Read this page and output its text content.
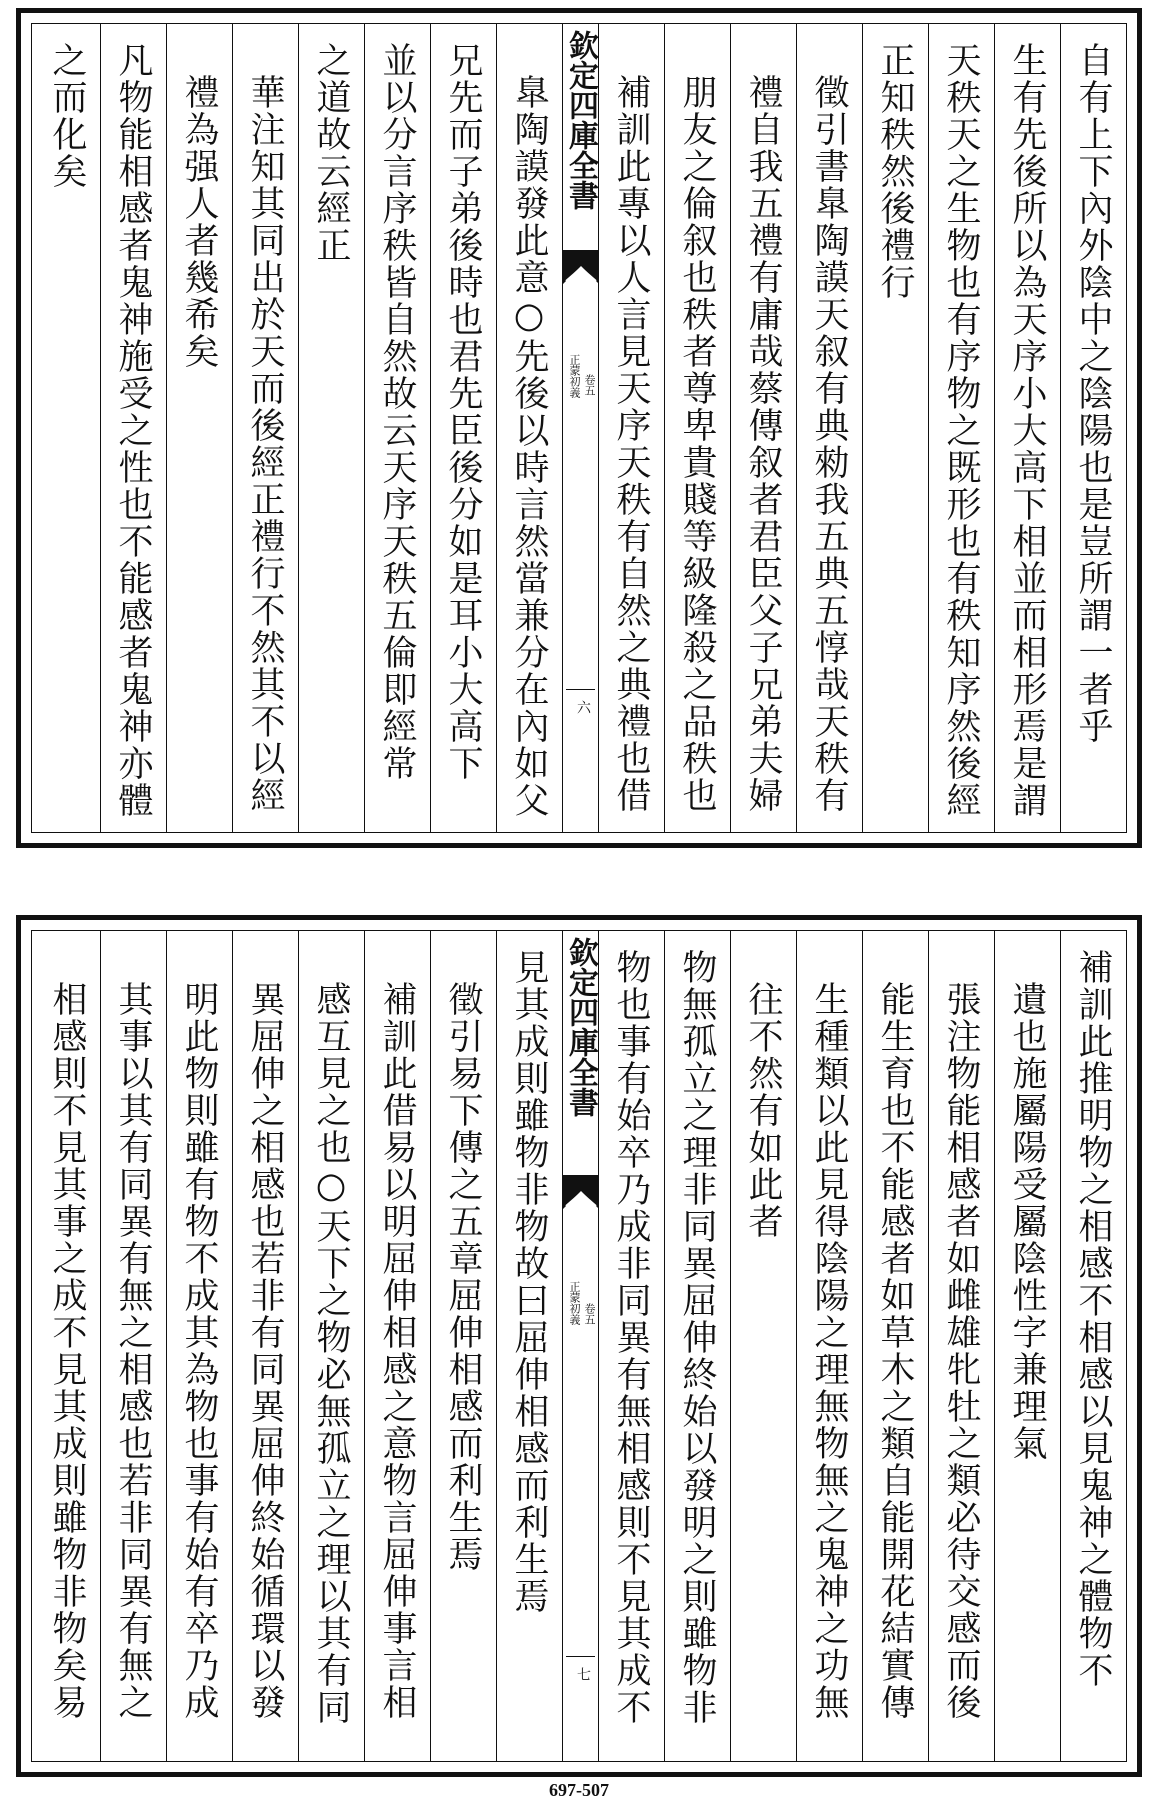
自有上下內外陰中之陰陽也是豈所謂一者乎
生有先後所以為天序小大高下相並而相形焉是謂
天秩天之生物也有序物之既形也有秩知序然後經
正知秩然後禮行
徵引書臯陶謨天叙有典勑我五典五惇哉天秩有
禮自我五禮有庸哉蔡傳叙者君臣父子兄弟夫婦
朋友之倫叙也秩者尊卑貴賤等級隆殺之品秩也
補訓此專以人言見天序天秩有自然之典禮也借
欽定四庫全書
正蒙初義 卷五
六
臯陶謨發此意○先後以時言然當兼分在內如父
兄先而子弟後時也君先臣後分如是耳小大高下
並以分言序秩皆自然故云天序天秩五倫即經常
之道故云經正
華注知其同出於天而後經正禮行不然其不以經
禮為强人者幾希矣
凡物能相感者鬼神施受之性也不能感者鬼神亦體
之而化矣
補訓此推明物之相感不相感以見鬼神之體物不
遺也施屬陽受屬陰性字兼理氣
張注物能相感者如雌雄牝牡之類必待交感而後
能生育也不能感者如草木之類自能開花結實傳
生種類以此見得陰陽之理無物無之鬼神之功無
往不然有如此者
物無孤立之理非同異屈伸終始以發明之則雖物非
物也事有始卒乃成非同異有無相感則不見其成不
欽定四庫全書
正蒙初義 卷五
七
見其成則雖物非物故曰屈伸相感而利生焉
徵引易下傳之五章屈伸相感而利生焉
補訓此借易以明屈伸相感之意物言屈伸事言相
感互見之也○天下之物必無孤立之理以其有同
異屈伸之相感也若非有同異屈伸終始循環以發
明此物則雖有物不成其為物也事有始有卒乃成
其事以其有同異有無之相感也若非同異有無之
相感則不見其事之成不見其成則雖物非物矣易
697-507
